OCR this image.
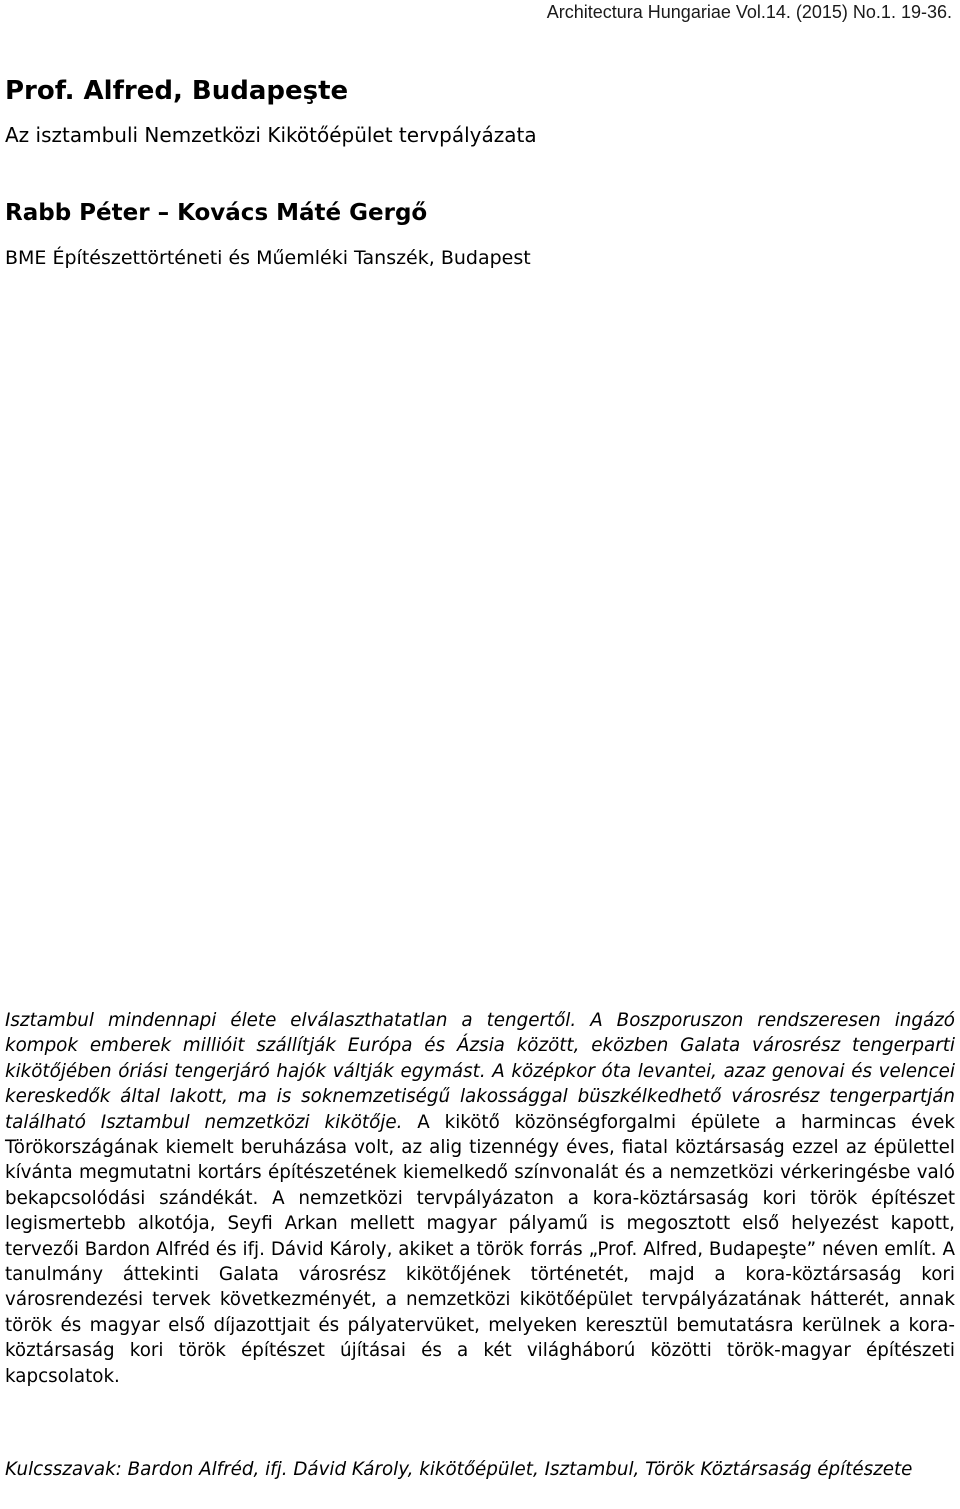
Architectura Hungariae Vol.14. (2015) No.1. 19-36.
Prof. Alfred, Budapeşte
Az isztambuli Nemzetközi Kikötőépület tervpályázata
Rabb Péter – Kovács Máté Gergő
BME Építészettörténeti és Műemléki Tanszék, Budapest

Isztambul mindennapi élete elválaszthatatlan a tengertől. A Boszporuszon rendszeresen ingázó kompok emberek millióit szállítják Európa és Ázsia között, eközben Galata városrész tengerparti kikötőjében óriási tengerjáró hajók váltják egymást. A középkor óta levantei, azaz genovai és velencei kereskedők által lakott, ma is soknemzetiségű lakossággal büszkélkedhető városrész tengerpartján található Isztambul nemzetközi kikötője. A kikötő közönségforgalmi épülete a harmincas évek Törökországának kiemelt beruházása volt, az alig tizennégy éves, fiatal köztársaság ezzel az épülettel kívánta megmutatni kortárs építészetének kiemelkedő színvonalát és a nemzetközi vérkeringésbe való bekapcsolódási szándékát. A nemzetközi tervpályázaton a kora-köztársaság kori török építészet legismertebb alkotója, Seyfi Arkan mellett magyar pályamű is megosztott első helyezést kapott, tervezői Bardon Alfréd és ifj. Dávid Károly, akiket a török forrás „Prof. Alfred, Budapeşte” néven említ. A tanulmány áttekinti Galata városrész kikötőjének történetét, majd a kora-köztársaság kori városrendezési tervek következményét, a nemzetközi kikötőépület tervpályázatának hátterét, annak török és magyar első díjazottjait és pályatervüket, melyeken keresztül bemutatásra kerülnek a kora-köztársaság kori török építészet újításai és a két világháború közötti török-magyar építészeti kapcsolatok.

Kulcsszavak: Bardon Alfréd, ifj. Dávid Károly, kikötőépület, Isztambul, Török Köztársaság építészete
